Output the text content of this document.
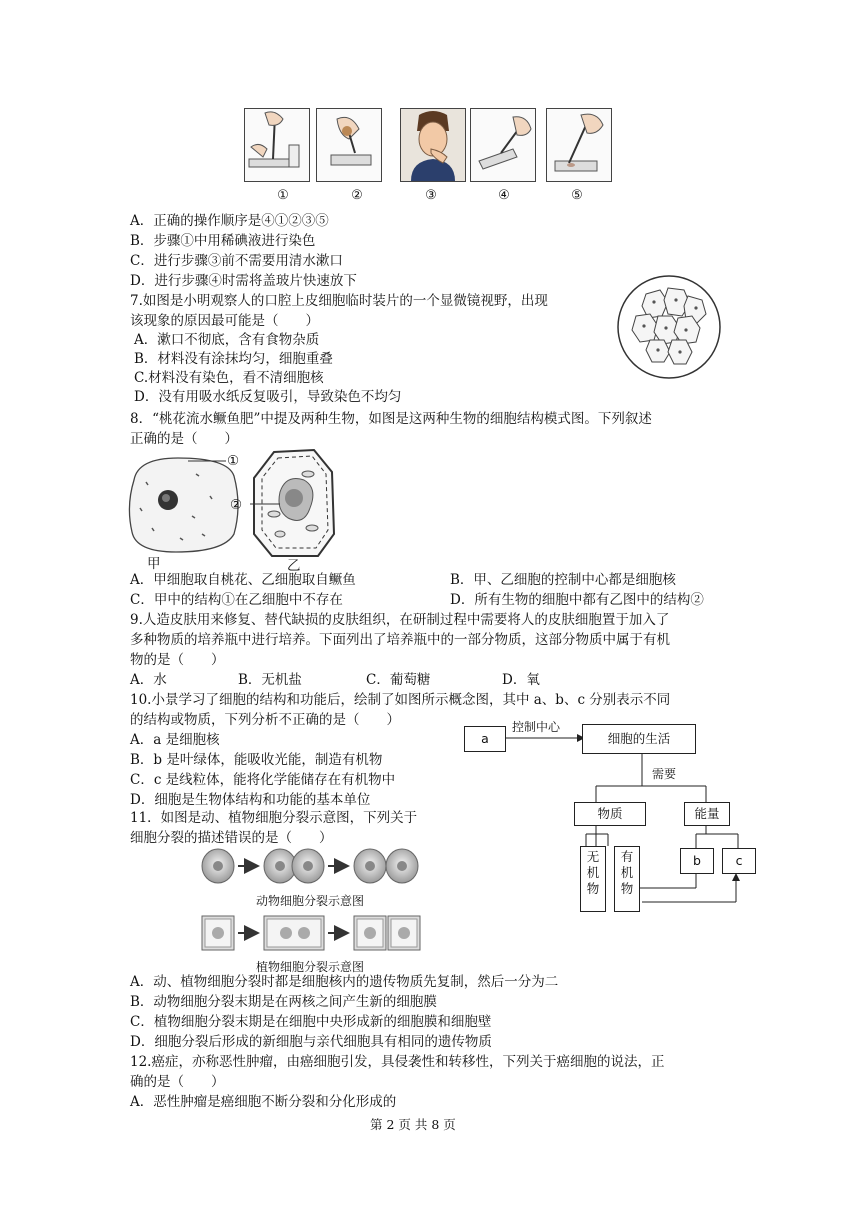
①	②	③	④	⑤
A．正确的操作顺序是④①②③⑤
B．步骤①中用稀碘液进行染色
C．进行步骤③前不需要用清水漱口
D．进行步骤④时需将盖玻片快速放下
7.如图是小明观察人的口腔上皮细胞临时装片的一个显微镜视野，出现
该现象的原因最可能是（　　）
A．漱口不彻底，含有食物杂质
B．材料没有涂抹均匀，细胞重叠
C.材料没有染色，看不清细胞核
D．没有用吸水纸反复吸引，导致染色不均匀
8．“桃花流水鳜鱼肥”中提及两种生物，如图是这两种生物的细胞结构模式图。下列叙述
正确的是（　　）
①
甲
②
乙
A．甲细胞取自桃花、乙细胞取自鳜鱼	B．甲、乙细胞的控制中心都是细胞核
C．甲中的结构①在乙细胞中不存在	D．所有生物的细胞中都有乙图中的结构②
9.人造皮肤用来修复、替代缺损的皮肤组织，在研制过程中需要将人的皮肤细胞置于加入了
多种物质的培养瓶中进行培养。下面列出了培养瓶中的一部分物质，这部分物质中属于有机
物的是（　　）
A．水	B．无机盐	C．葡萄糖	D．氧
10.小景学习了细胞的结构和功能后，绘制了如图所示概念图，其中 a、b、c 分别表示不同
的结构或物质，下列分析不正确的是（　　）
A．a 是细胞核
B．b 是叶绿体，能吸收光能，制造有机物
C．c 是线粒体，能将化学能储存在有机物中
D．细胞是生物体结构和功能的基本单位
a
控制中心
细胞的生活
需要
物质	能量
无机物
有机物
b	c
11．如图是动、植物细胞分裂示意图，下列关于
细胞分裂的描述错误的是（　　）
动物细胞分裂示意图
植物细胞分裂示意图
A．动、植物细胞分裂时都是细胞核内的遗传物质先复制，然后一分为二
B．动物细胞分裂末期是在两核之间产生新的细胞膜
C．植物细胞分裂末期是在细胞中央形成新的细胞膜和细胞壁
D．细胞分裂后形成的新细胞与亲代细胞具有相同的遗传物质
12.癌症，亦称恶性肿瘤，由癌细胞引发，具侵袭性和转移性，下列关于癌细胞的说法，正
确的是（　　）
A．恶性肿瘤是癌细胞不断分裂和分化形成的
第 2 页 共 8 页
